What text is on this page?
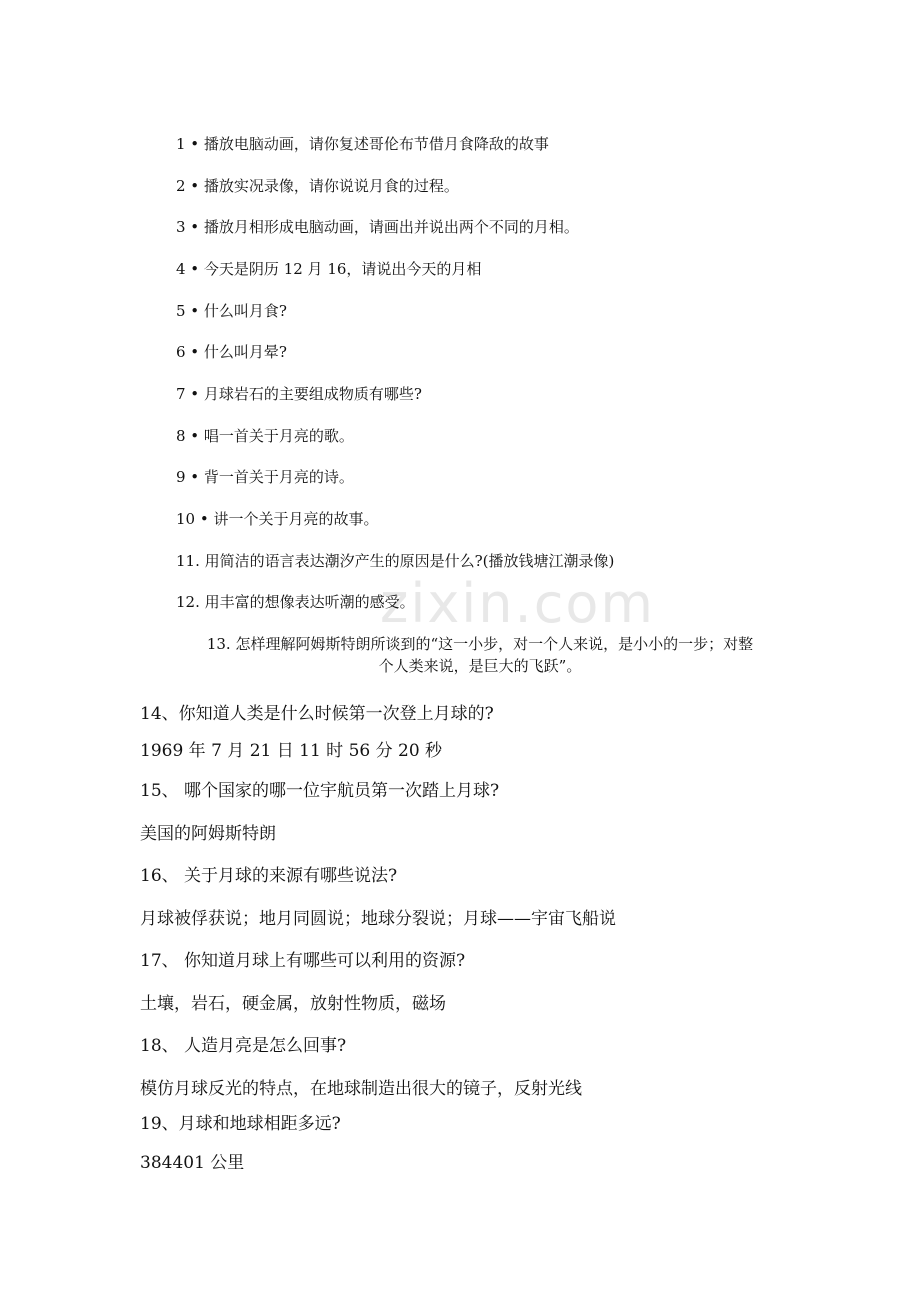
zixin.com
1 • 播放电脑动画，请你复述哥伦布节借月食降敌的故事
2 • 播放实况录像，请你说说月食的过程。
3 • 播放月相形成电脑动画，请画出并说出两个不同的月相。
4 • 今天是阴历 12 月 16，请说出今天的月相
5 • 什么叫月食?
6 • 什么叫月晕?
7 • 月球岩石的主要组成物质有哪些?
8 • 唱一首关于月亮的歌。
9 • 背一首关于月亮的诗。
10 • 讲一个关于月亮的故事。
11. 用简洁的语言表达潮汐产生的原因是什么?(播放钱塘江潮录像)
12. 用丰富的想像表达听潮的感受。
13. 怎样理解阿姆斯特朗所谈到的“这一小步，对一个人来说，是小小的一步；对整
个人类来说，是巨大的飞跃”。
14、你知道人类是什么时候第一次登上月球的?
1969 年 7 月 21 日 11 时 56 分 20 秒
15、 哪个国家的哪一位宇航员第一次踏上月球?
美国的阿姆斯特朗
16、 关于月球的来源有哪些说法?
月球被俘获说；地月同圆说；地球分裂说；月球——宇宙飞船说
17、 你知道月球上有哪些可以利用的资源?
土壤，岩石，硬金属，放射性物质，磁场
18、 人造月亮是怎么回事?
模仿月球反光的特点，在地球制造出很大的镜子，反射光线
19、月球和地球相距多远?
384401 公里
